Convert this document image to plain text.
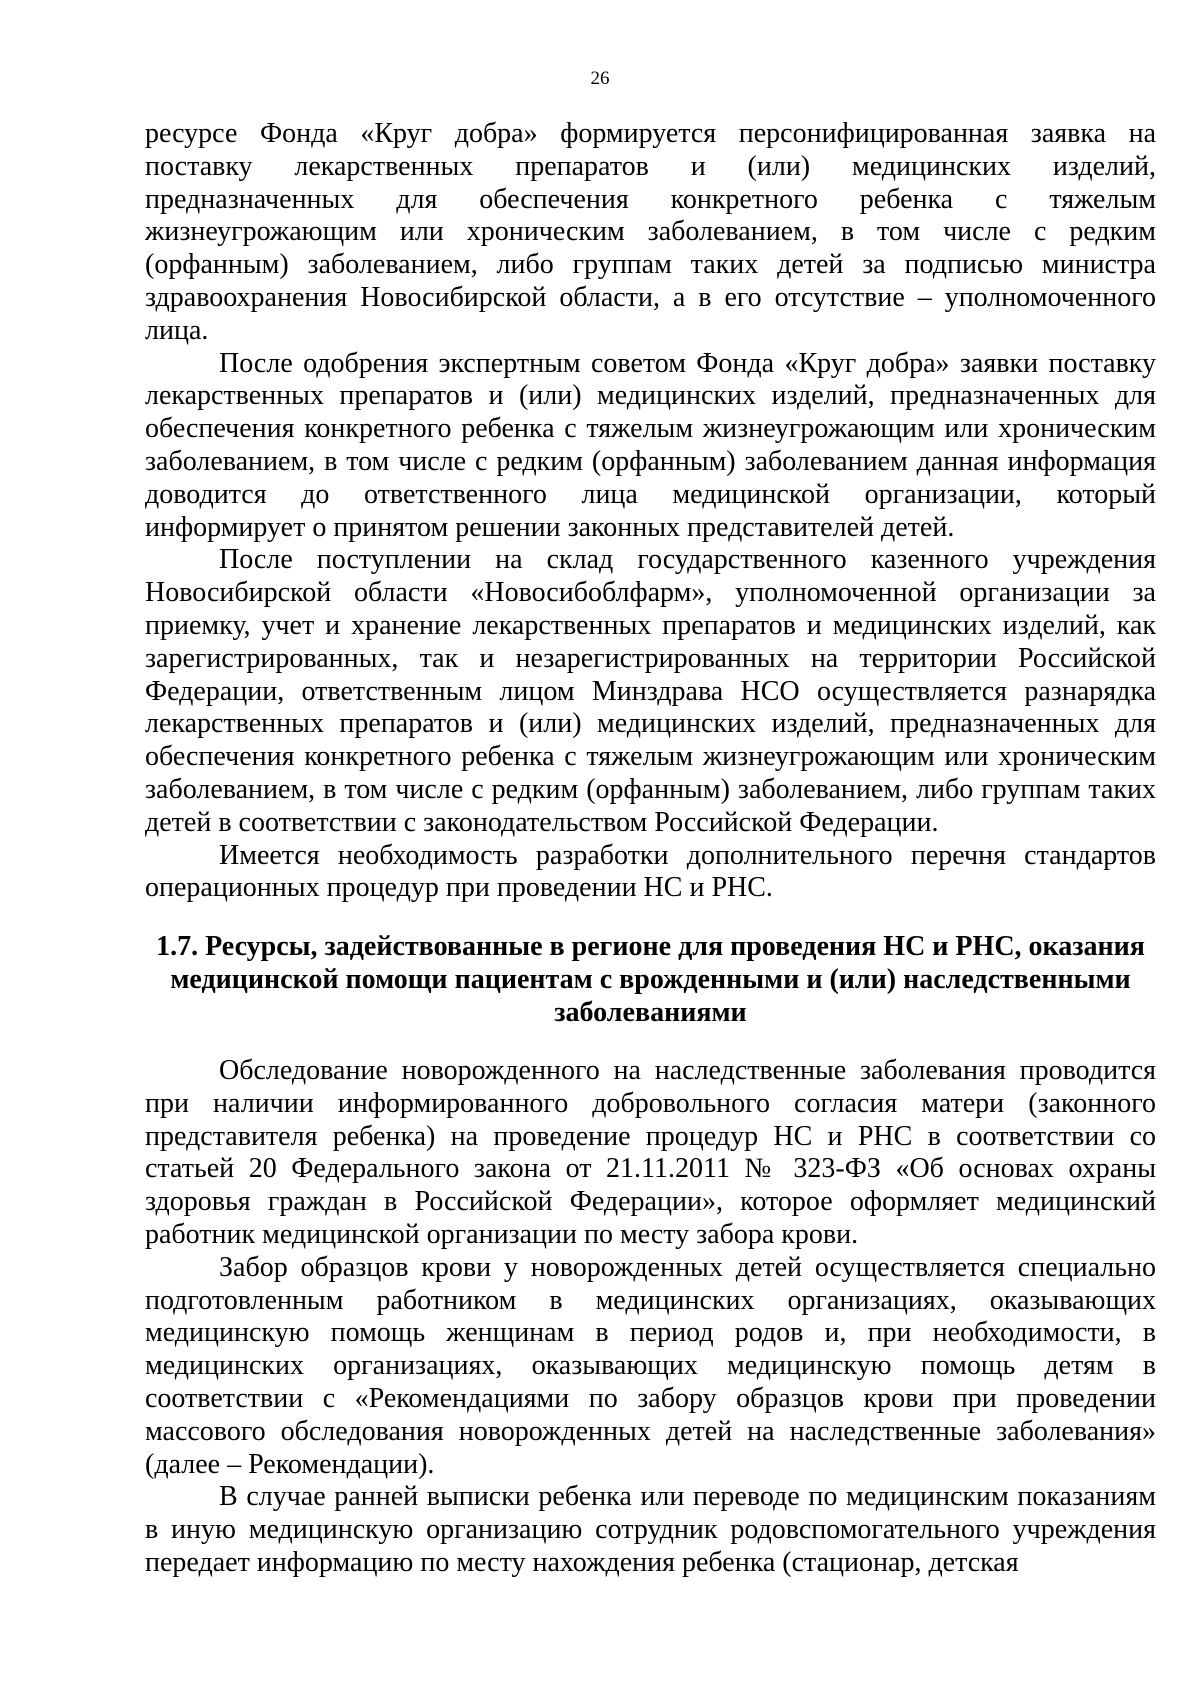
26

ресурсе Фонда «Круг добра» формируется персонифицированная заявка на поставку лекарственных препаратов и (или) медицинских изделий, предназначенных для обеспечения конкретного ребенка с тяжелым жизнеугрожающим или хроническим заболеванием, в том числе с редким (орфанным) заболеванием, либо группам таких детей за подписью министра здравоохранения Новосибирской области, а в его отсутствие – уполномоченного лица.

После одобрения экспертным советом Фонда «Круг добра» заявки поставку лекарственных препаратов и (или) медицинских изделий, предназначенных для обеспечения конкретного ребенка с тяжелым жизнеугрожающим или хроническим заболеванием, в том числе с редким (орфанным) заболеванием данная информация доводится до ответственного лица медицинской организации, который информирует о принятом решении законных представителей детей.

После поступлении на склад государственного казенного учреждения Новосибирской области «Новосибоблфарм», уполномоченной организации за приемку, учет и хранение лекарственных препаратов и медицинских изделий, как зарегистрированных, так и незарегистрированных на территории Российской Федерации, ответственным лицом Минздрава НСО осуществляется разнарядка лекарственных препаратов и (или) медицинских изделий, предназначенных для обеспечения конкретного ребенка с тяжелым жизнеугрожающим или хроническим заболеванием, в том числе с редким (орфанным) заболеванием, либо группам таких детей в соответствии с законодательством Российской Федерации.

Имеется необходимость разработки дополнительного перечня стандартов операционных процедур при проведении НС и РНС.

1.7. Ресурсы, задействованные в регионе для проведения НС и РНС, оказания
медицинской помощи пациентам с врожденными и (или) наследственными
заболеваниями

Обследование новорожденного на наследственные заболевания проводится при наличии информированного добровольного согласия матери (законного представителя ребенка) на проведение процедур НС и РНС в соответствии со статьей 20 Федерального закона от 21.11.2011 № 323-ФЗ «Об основах охраны здоровья граждан в Российской Федерации», которое оформляет медицинский работник медицинской организации по месту забора крови.

Забор образцов крови у новорожденных детей осуществляется специально подготовленным работником в медицинских организациях, оказывающих медицинскую помощь женщинам в период родов и, при необходимости, в медицинских организациях, оказывающих медицинскую помощь детям в соответствии с «Рекомендациями по забору образцов крови при проведении массового обследования новорожденных детей на наследственные заболевания» (далее – Рекомендации).

В случае ранней выписки ребенка или переводе по медицинским показаниям в иную медицинскую организацию сотрудник родовспомогательного учреждения передает информацию по месту нахождения ребенка (стационар, детская
